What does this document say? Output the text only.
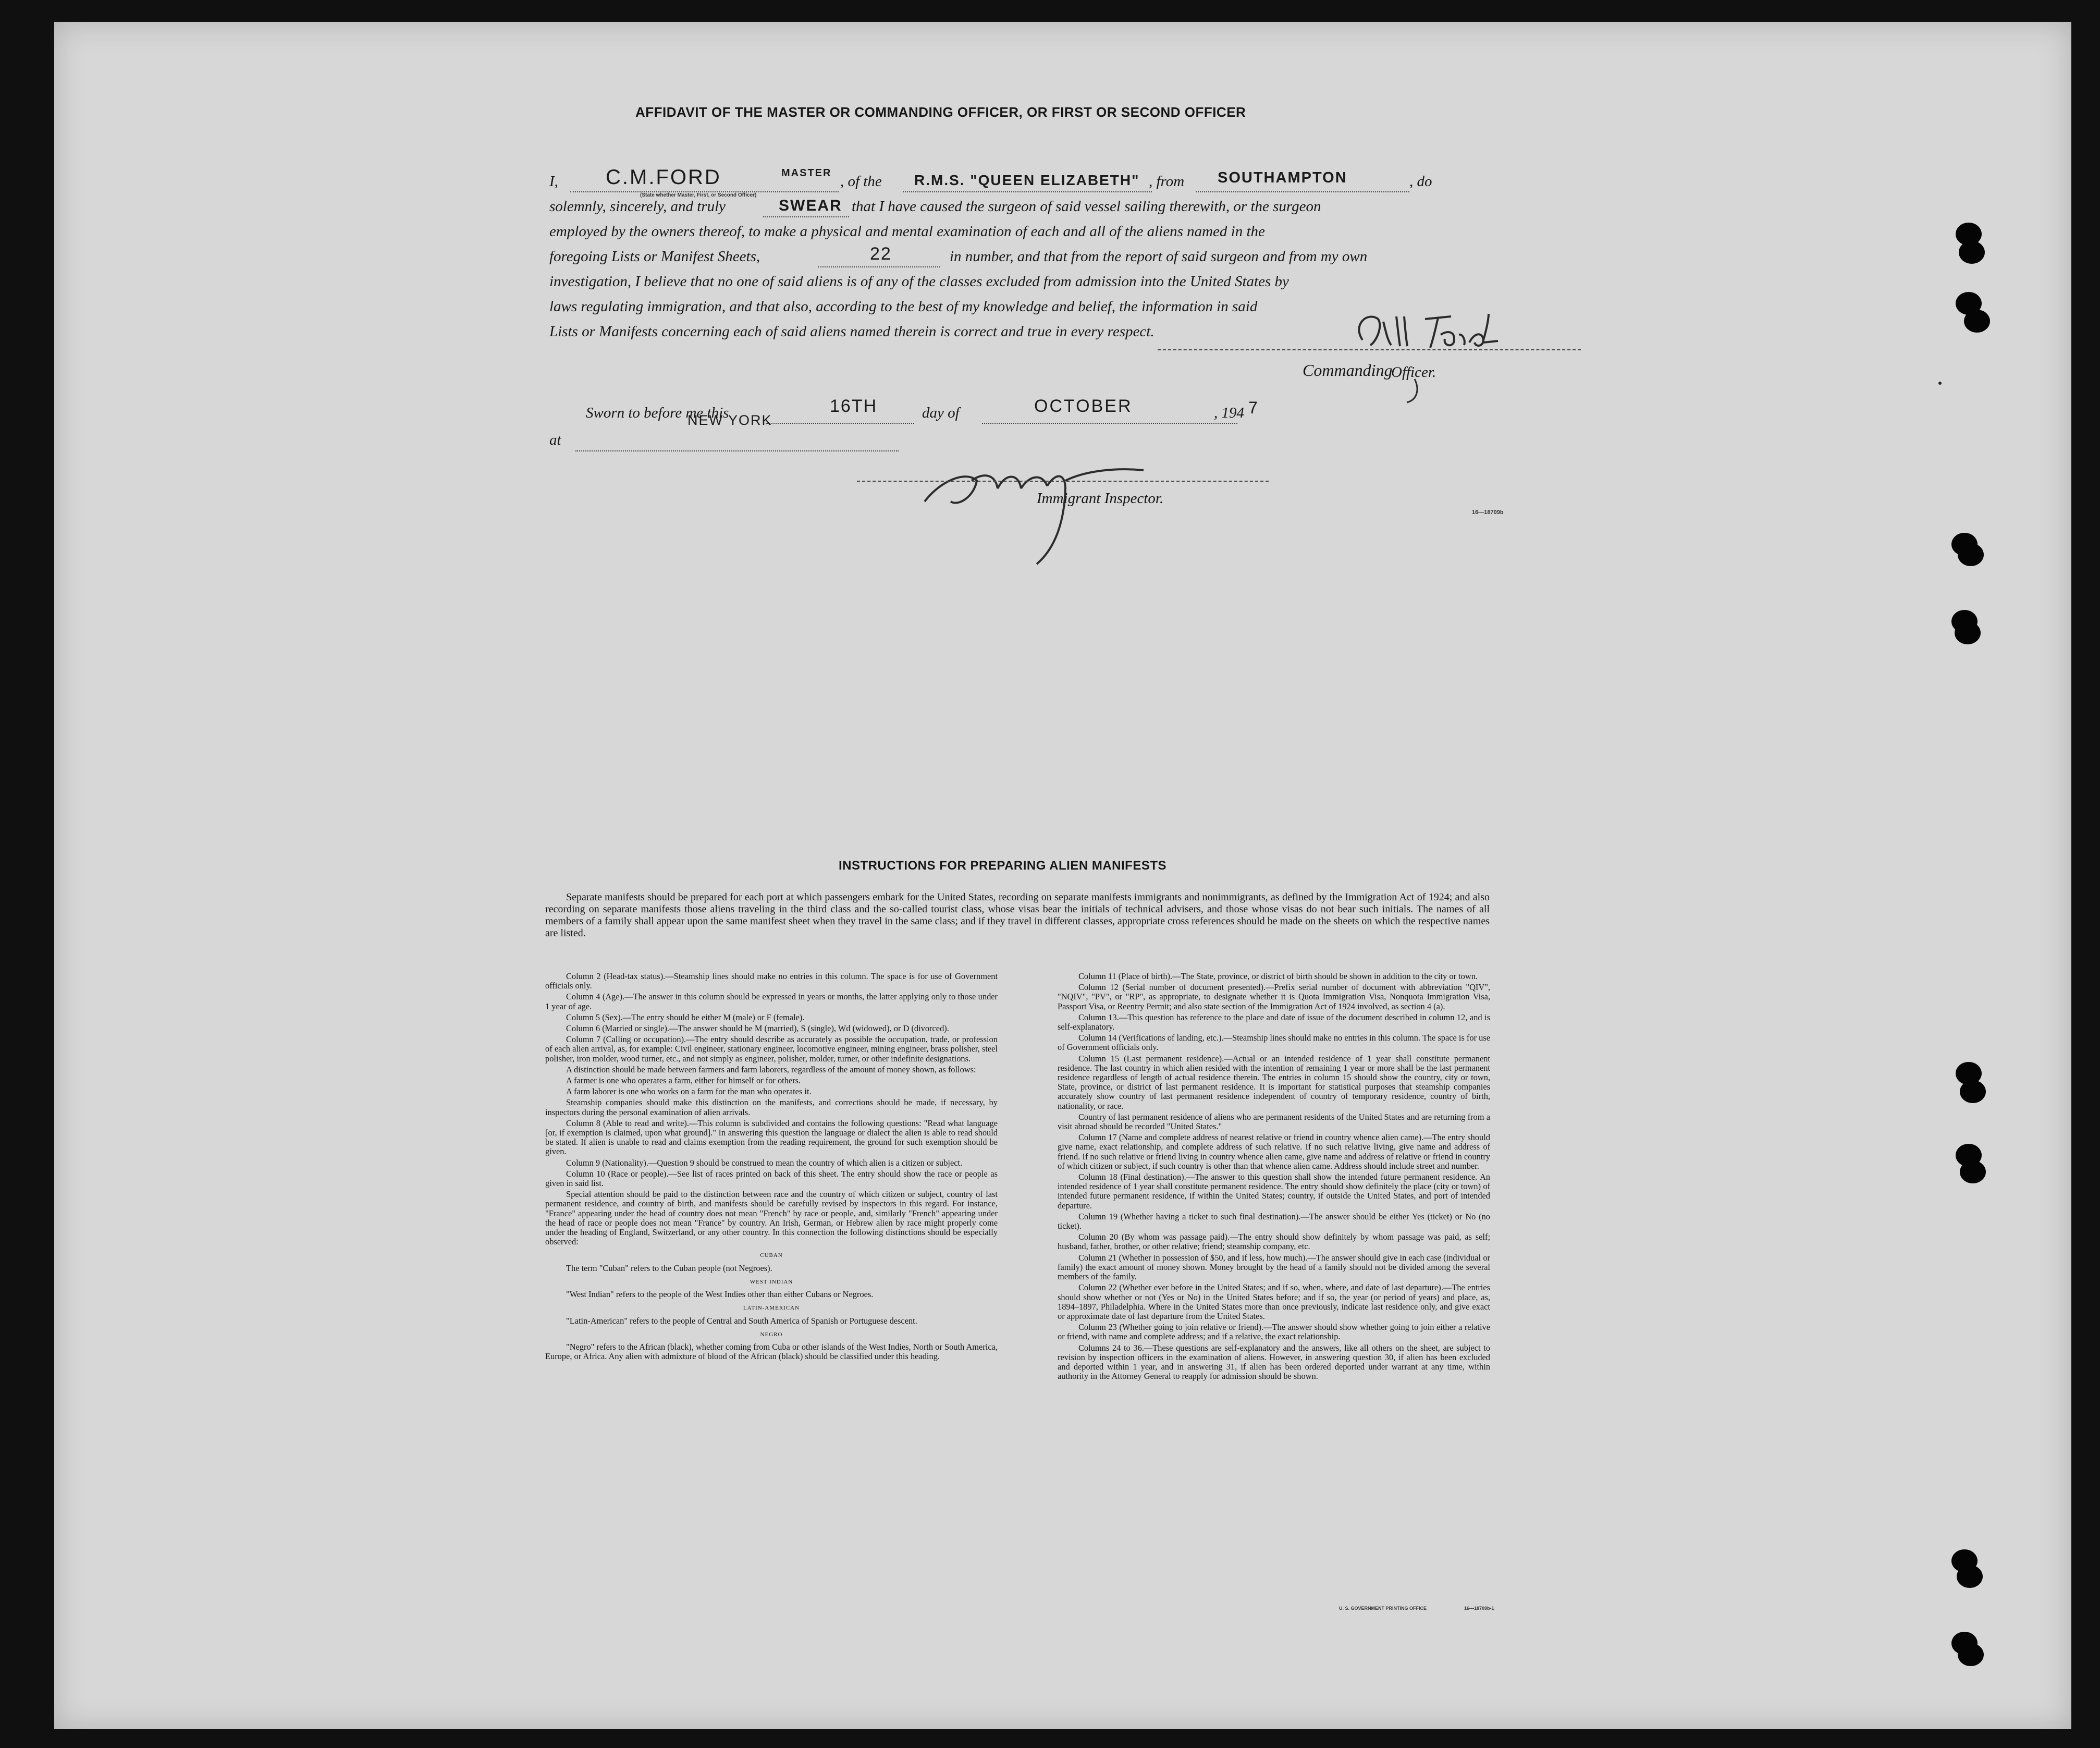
AFFIDAVIT OF THE MASTER OR COMMANDING OFFICER, OR FIRST OR SECOND OFFICER
I, C.M.FORD	MASTER
(State whether Master, First, or Second Officer)
, of the R.M.S. "QUEEN ELIZABETH" , from SOUTHAMPTON	, do
solemnly, sincerely, and truly	SWEAR that I have caused the surgeon of said vessel sailing therewith, or the surgeon
employed by the owners thereof, to make a physical and mental examination of each and all of the aliens named in the
foregoing Lists or Manifest Sheets,	22	in number, and that from the report of said surgeon and from my own
investigation, I believe that no one of said aliens is of any of the classes excluded from admission into the United States by
laws regulating immigration, and that also, according to the best of my knowledge and belief, the information in said
Lists or Manifests concerning each of said aliens named therein is correct and true in every respect.
Commanding
Officer.
Sworn to before me this	16TH	day of	OCTOBER	, 194 7
at
NEW YORK
Immigrant Inspector.
16—18709b
INSTRUCTIONS FOR PREPARING ALIEN MANIFESTS
Separate manifests should be prepared for each port at which passengers embark for the United States, recording on separate manifests immigrants and nonimmigrants, as defined by the Immigration Act of 1924; and also recording on separate manifests those aliens traveling in the third class and the so-called tourist class, whose visas bear the initials of technical advisers, and those whose visas do not bear such initials. The names of all members of a family shall appear upon the same manifest sheet when they travel in the same class; and if they travel in different classes, appropriate cross references should be made on the sheets on which the respective names are listed.

Column 2 (Head-tax status).—Steamship lines should make no entries in this column. The space is for use of Government officials only.

Column 4 (Age).—The answer in this column should be expressed in years or months, the latter applying only to those under 1 year of age.

Column 5 (Sex).—The entry should be either M (male) or F (female).

Column 6 (Married or single).—The answer should be M (married), S (single), Wd (widowed), or D (divorced).

Column 7 (Calling or occupation).—The entry should describe as accurately as possible the occupation, trade, or profession of each alien arrival, as, for example: Civil engineer, stationary engineer, locomotive engineer, mining engineer, brass polisher, steel polisher, iron molder, wood turner, etc., and not simply as engineer, polisher, molder, turner, or other indefinite designations.

A distinction should be made between farmers and farm laborers, regardless of the amount of money shown, as follows:

A farmer is one who operates a farm, either for himself or for others.

A farm laborer is one who works on a farm for the man who operates it.

Steamship companies should make this distinction on the manifests, and corrections should be made, if necessary, by inspectors during the personal examination of alien arrivals.

Column 8 (Able to read and write).—This column is subdivided and contains the following questions: "Read what language [or, if exemption is claimed, upon what ground]." In answering this question the language or dialect the alien is able to read should be stated. If alien is unable to read and claims exemption from the reading requirement, the ground for such exemption should be given.

Column 9 (Nationality).—Question 9 should be construed to mean the country of which alien is a citizen or subject.

Column 10 (Race or people).—See list of races printed on back of this sheet. The entry should show the race or people as given in said list.

Special attention should be paid to the distinction between race and the country of which citizen or subject, country of last permanent residence, and country of birth, and manifests should be carefully revised by inspectors in this regard. For instance, "France" appearing under the head of country does not mean "French" by race or people, and, similarly "French" appearing under the head of race or people does not mean "France" by country. An Irish, German, or Hebrew alien by race might properly come under the heading of England, Switzerland, or any other country. In this connection the following distinctions should be especially observed:

CUBAN

The term "Cuban" refers to the Cuban people (not Negroes).

WEST INDIAN

"West Indian" refers to the people of the West Indies other than either Cubans or Negroes.

LATIN-AMERICAN

"Latin-American" refers to the people of Central and South America of Spanish or Portuguese descent.

NEGRO

"Negro" refers to the African (black), whether coming from Cuba or other islands of the West Indies, North or South America, Europe, or Africa. Any alien with admixture of blood of the African (black) should be classified under this heading.

Column 11 (Place of birth).—The State, province, or district of birth should be shown in addition to the city or town.

Column 12 (Serial number of document presented).—Prefix serial number of document with abbreviation "QIV", "NQIV", "PV", or "RP", as appropriate, to designate whether it is Quota Immigration Visa, Nonquota Immigration Visa, Passport Visa, or Reentry Permit; and also state section of the Immigration Act of 1924 involved, as section 4 (a).

Column 13.—This question has reference to the place and date of issue of the document described in column 12, and is self-explanatory.

Column 14 (Verifications of landing, etc.).—Steamship lines should make no entries in this column. The space is for use of Government officials only.

Column 15 (Last permanent residence).—Actual or an intended residence of 1 year shall constitute permanent residence. The last country in which alien resided with the intention of remaining 1 year or more shall be the last permanent residence regardless of length of actual residence therein. The entries in column 15 should show the country, city or town, State, province, or district of last permanent residence. It is important for statistical purposes that steamship companies accurately show country of last permanent residence independent of country of temporary residence, country of birth, nationality, or race.

Country of last permanent residence of aliens who are permanent residents of the United States and are returning from a visit abroad should be recorded "United States."

Column 17 (Name and complete address of nearest relative or friend in country whence alien came).—The entry should give name, exact relationship, and complete address of such relative. If no such relative living, give name and address of friend. If no such relative or friend living in country whence alien came, give name and address of relative or friend in country of which citizen or subject, if such country is other than that whence alien came. Address should include street and number.

Column 18 (Final destination).—The answer to this question shall show the intended future permanent residence. An intended residence of 1 year shall constitute permanent residence. The entry should show definitely the place (city or town) of intended future permanent residence, if within the United States; country, if outside the United States, and port of intended departure.

Column 19 (Whether having a ticket to such final destination).—The answer should be either Yes (ticket) or No (no ticket).

Column 20 (By whom was passage paid).—The entry should show definitely by whom passage was paid, as self; husband, father, brother, or other relative; friend; steamship company, etc.

Column 21 (Whether in possession of $50, and if less, how much).—The answer should give in each case (individual or family) the exact amount of money shown. Money brought by the head of a family should not be divided among the several members of the family.

Column 22 (Whether ever before in the United States; and if so, when, where, and date of last departure).—The entries should show whether or not (Yes or No) in the United States before; and if so, the year (or period of years) and place, as, 1894–1897, Philadelphia. Where in the United States more than once previously, indicate last residence only, and give exact or approximate date of last departure from the United States.

Column 23 (Whether going to join relative or friend).—The answer should show whether going to join either a relative or friend, with name and complete address; and if a relative, the exact relationship.

Columns 24 to 36.—These questions are self-explanatory and the answers, like all others on the sheet, are subject to revision by inspection officers in the examination of aliens. However, in answering question 30, if alien has been excluded and deported within 1 year, and in answering 31, if alien has been ordered deported under warrant at any time, within authority in the Attorney General to reapply for admission should be shown.

U. S. GOVERNMENT PRINTING OFFICE	16—18709b-1
